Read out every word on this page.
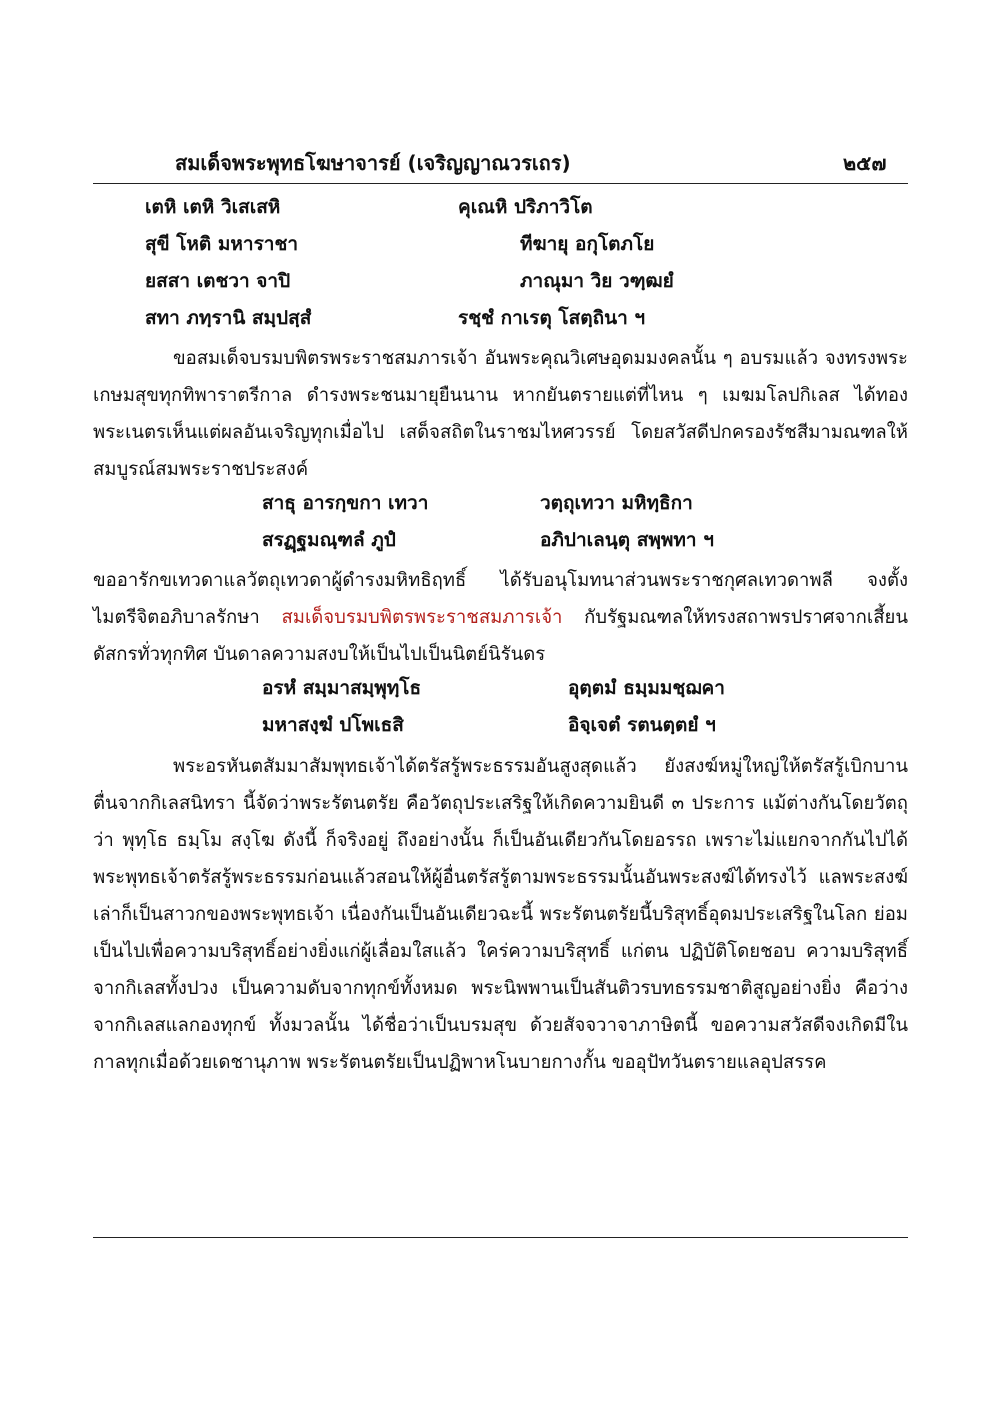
สมเด็จพระพุทธโฆษาจารย์ (เจริญญาณวรเถร)	๒๕๗
เตหิ เตหิ วิเสเสหิ	คุเณหิ ปริภาวิโต
สุขี โหติ มหาราชา	ทีฆายุ อกุโตภโย
ยสสา เตชวา จาปิ	ภาณุมา วิย วฑฺฒยํ
สทา ภทฺรานิ สมฺปสฺสํ	รชฺชํ กาเรตุ โสตฺถินา ฯ
ขอสมเด็จบรมบพิตรพระราชสมภารเจ้า อันพระคุณวิเศษอุดมมงคลนั้น ๆ อบรมแล้ว จงทรงพระเกษมสุขทุกทิพาราตรีกาล ดำรงพระชนมายุยืนนาน หากยันตรายแต่ที่ไหน ๆ เมฆมโลปกิเลส ได้ทองพระเนตรเห็นแต่ผลอันเจริญทุกเมื่อไป เสด็จสถิตในราชมไหศวรรย์ โดยสวัสดีปกครองรัชสีมามณฑลให้สมบูรณ์สมพระราชประสงค์
สาธุ อารกฺขกา เทวา	วตฺถุเทวา มหิทฺธิกา
สรฏฺฐมณฺฑลํ ภูปํ	อภิปาเลนฺตุ สพฺพทา ฯ
ขออารักขเทวดาแลวัตถุเทวดาผู้ดำรงมหิทธิฤทธิ์ ได้รับอนุโมทนาส่วนพระราชกุศลเทวดาพลี จงตั้งไมตรีจิตอภิบาลรักษา สมเด็จบรมบพิตรพระราชสมภารเจ้า กับรัฐมณฑลให้ทรงสถาพรปราศจากเสี้ยนดัสกรทั่วทุกทิศ บันดาลความสงบให้เป็นไปเป็นนิตย์นิรันดร
อรหํ สมฺมาสมฺพุทฺโธ	อุตฺตมํ ธมฺมมชฺฌคา
มหาสงฺฆํ ปโพเธสิ	อิจฺเจตํ รตนตฺตยํ ฯ
พระอรหันตสัมมาสัมพุทธเจ้าได้ตรัสรู้พระธรรมอันสูงสุดแล้ว ยังสงฆ์หมู่ใหญ่ให้ตรัสรู้เบิกบาน ตื่นจากกิเลสนิทรา นี้จัดว่าพระรัตนตรัย คือวัตถุประเสริฐให้เกิดความยินดี ๓ ประการ แม้ต่างกันโดยวัตถุว่า พุทฺโธ ธมฺโม สงฺโฆ ดังนี้ ก็จริงอยู่ ถึงอย่างนั้น ก็เป็นอันเดียวกันโดยอรรถ เพราะไม่แยกจากกันไปได้ พระพุทธเจ้าตรัสรู้พระธรรมก่อนแล้วสอนให้ผู้อื่นตรัสรู้ตามพระธรรมนั้นอันพระสงฆ์ได้ทรงไว้ แลพระสงฆ์เล่าก็เป็นสาวกของพระพุทธเจ้า เนื่องกันเป็นอันเดียวฉะนี้ พระรัตนตรัยนี้บริสุทธิ์อุดมประเสริฐในโลก ย่อมเป็นไปเพื่อความบริสุทธิ์อย่างยิ่งแก่ผู้เลื่อมใสแล้ว ใคร่ความบริสุทธิ์ แก่ตน ปฏิบัติโดยชอบ ความบริสุทธิ์ จากกิเลสทั้งปวง เป็นความดับจากทุกข์ทั้งหมด พระนิพพานเป็นสันติวรบทธรรมชาติสูญอย่างยิ่ง คือว่างจากกิเลสแลกองทุกข์ ทั้งมวลนั้น ได้ชื่อว่าเป็นบรมสุข ด้วยสัจจวาจาภาษิตนี้ ขอความสวัสดีจงเกิดมีในกาลทุกเมื่อด้วยเดชานุภาพ พระรัตนตรัยเป็นปฏิพาหโนบายกางกั้น ขออุปัทวันตรายแลอุปสรรค
